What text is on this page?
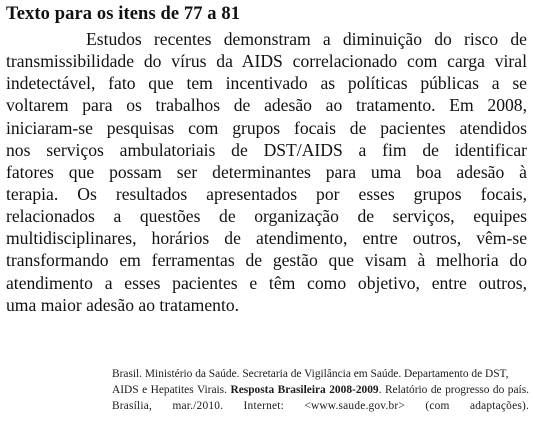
Texto para os itens de 77 a 81
Estudos recentes demonstram a diminuição do risco de
transmissibilidade do vírus da AIDS correlacionado com carga viral
indetectável, fato que tem incentivado as políticas públicas a se
voltarem para os trabalhos de adesão ao tratamento. Em 2008,
iniciaram-se pesquisas com grupos focais de pacientes atendidos
nos serviços ambulatoriais de DST/AIDS a fim de identificar
fatores que possam ser determinantes para uma boa adesão à
terapia. Os resultados apresentados por esses grupos focais,
relacionados a questões de organização de serviços, equipes
multidisciplinares, horários de atendimento, entre outros, vêm-se
transformando em ferramentas de gestão que visam à melhoria do
atendimento a esses pacientes e têm como objetivo, entre outros,
uma maior adesão ao tratamento.
Brasil. Ministério da Saúde. Secretaria de Vigilância em Saúde. Departamento de DST,
AIDS e Hepatites Virais. Resposta Brasileira 2008-2009. Relatório de progresso do país.
Brasília, mar./2010. Internet: <www.saude.gov.br> (com adaptações).
